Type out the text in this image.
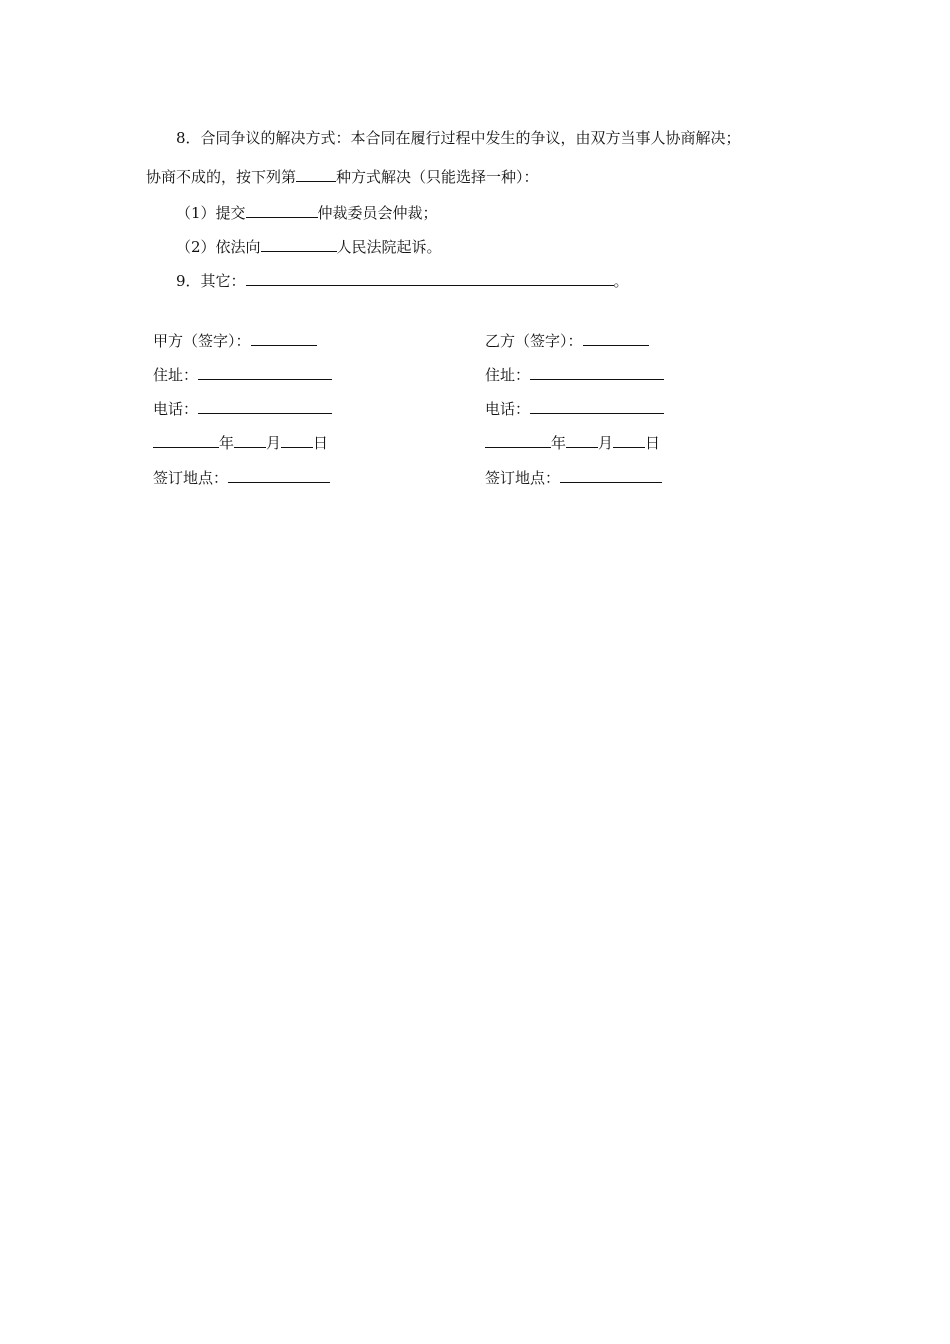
8．合同争议的解决方式：本合同在履行过程中发生的争议，由双方当事人协商解决；
协商不成的，按下列第	种方式解决（只能选择一种）：
（1）提交	仲裁委员会仲裁；
（2）依法向	人民法院起诉。
9．其它：	。
甲方（签字）：
住址：
电话：
年 月 日
签订地点：
乙方（签字）：
住址：
电话：
年 月 日
签订地点：
